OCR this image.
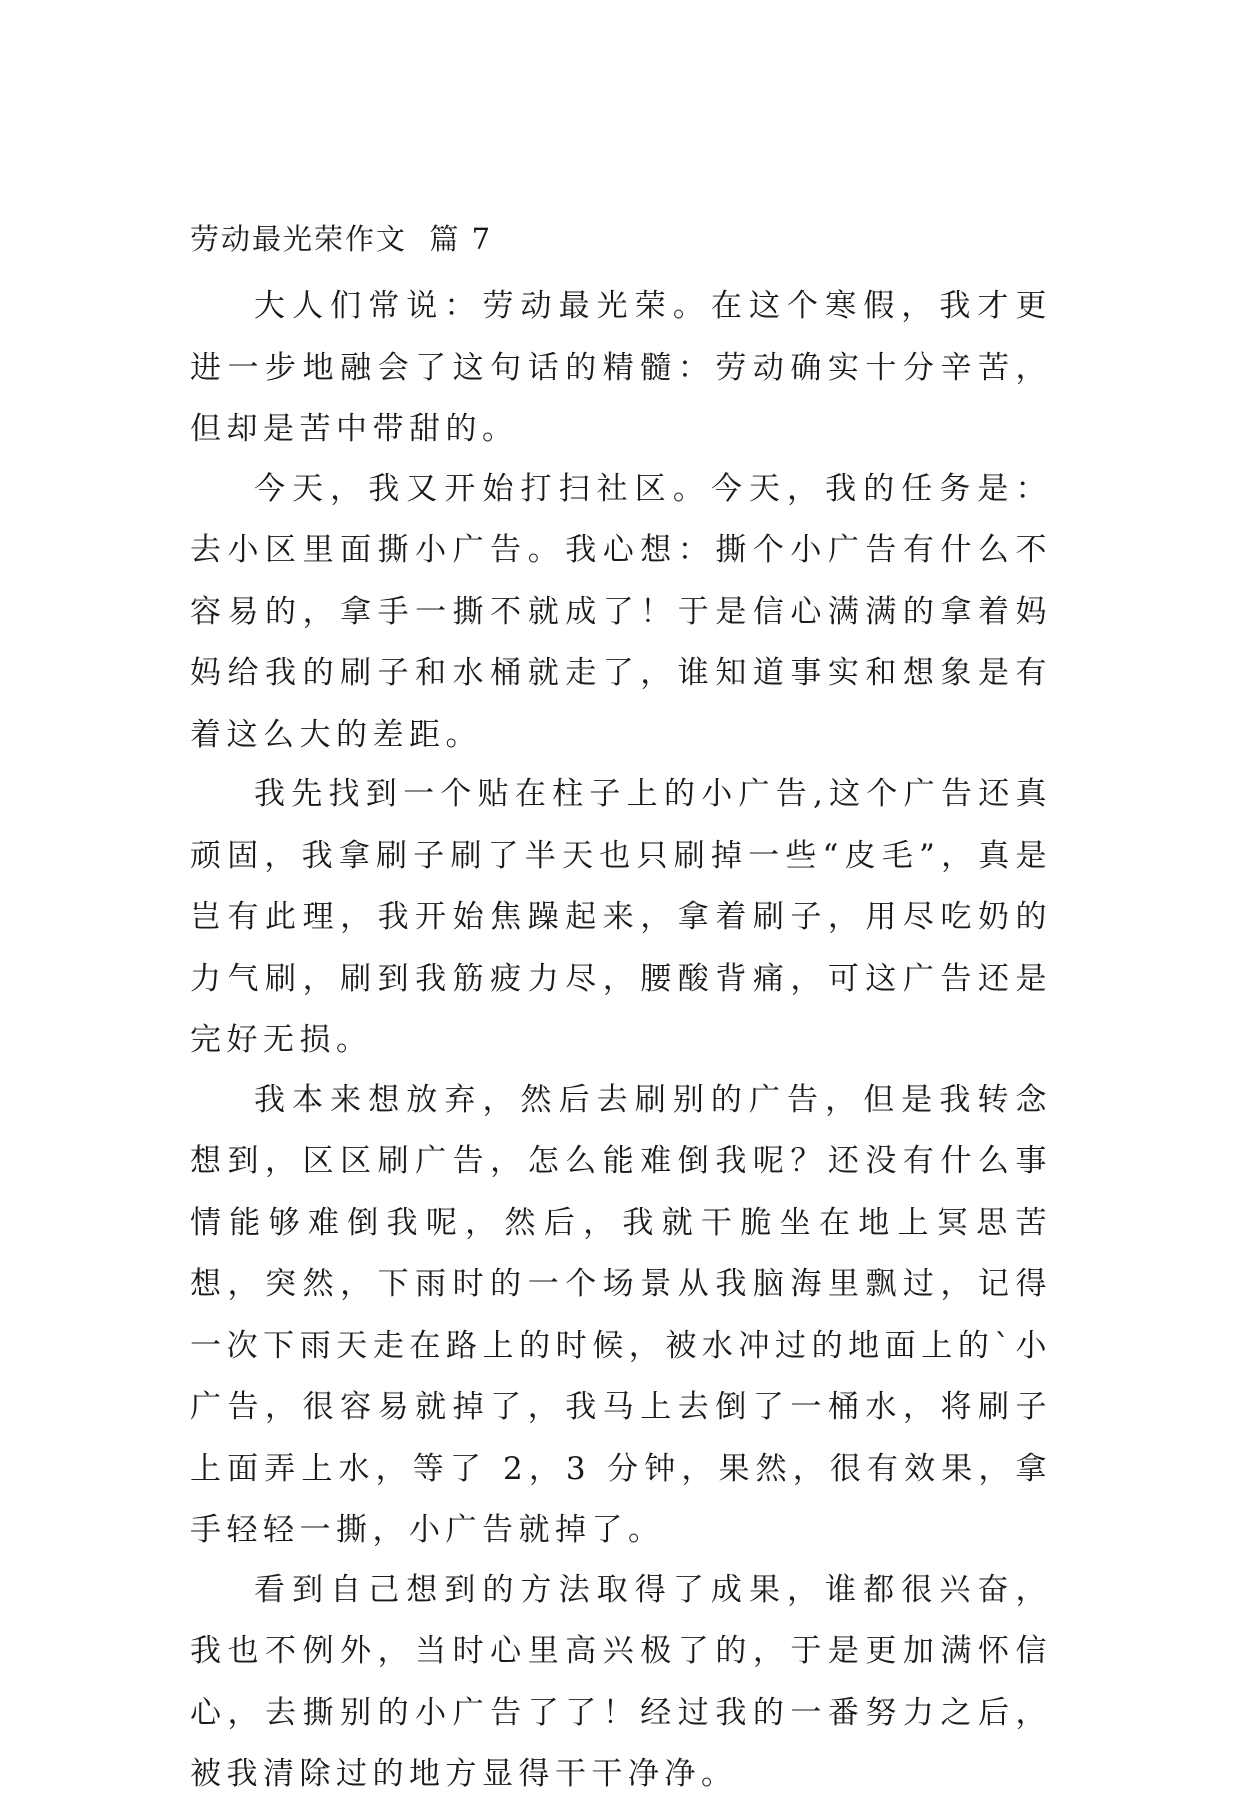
劳动最光荣作文  篇 7

大人们常说：劳动最光荣。在这个寒假，我才更进一步地融会了这句话的精髓：劳动确实十分辛苦，但却是苦中带甜的。

今天，我又开始打扫社区。今天，我的任务是：去小区里面撕小广告。我心想：撕个小广告有什么不容易的，拿手一撕不就成了！于是信心满满的拿着妈妈给我的刷子和水桶就走了，谁知道事实和想象是有着这么大的差距。

我先找到一个贴在柱子上的小广告,这个广告还真顽固，我拿刷子刷了半天也只刷掉一些“皮毛”，真是岂有此理，我开始焦躁起来，拿着刷子，用尽吃奶的力气刷，刷到我筋疲力尽，腰酸背痛，可这广告还是完好无损。

我本来想放弃，然后去刷别的广告，但是我转念想到，区区刷广告，怎么能难倒我呢？还没有什么事情能够难倒我呢，然后，我就干脆坐在地上冥思苦想，突然，下雨时的一个场景从我脑海里飘过，记得一次下雨天走在路上的时候，被水冲过的地面上的`小广告，很容易就掉了，我马上去倒了一桶水，将刷子上面弄上水，等了 2，3 分钟，果然，很有效果，拿手轻轻一撕，小广告就掉了。

看到自己想到的方法取得了成果，谁都很兴奋，我也不例外，当时心里高兴极了的，于是更加满怀信心，去撕别的小广告了了！经过我的一番努力之后，被我清除过的地方显得干干净净。
